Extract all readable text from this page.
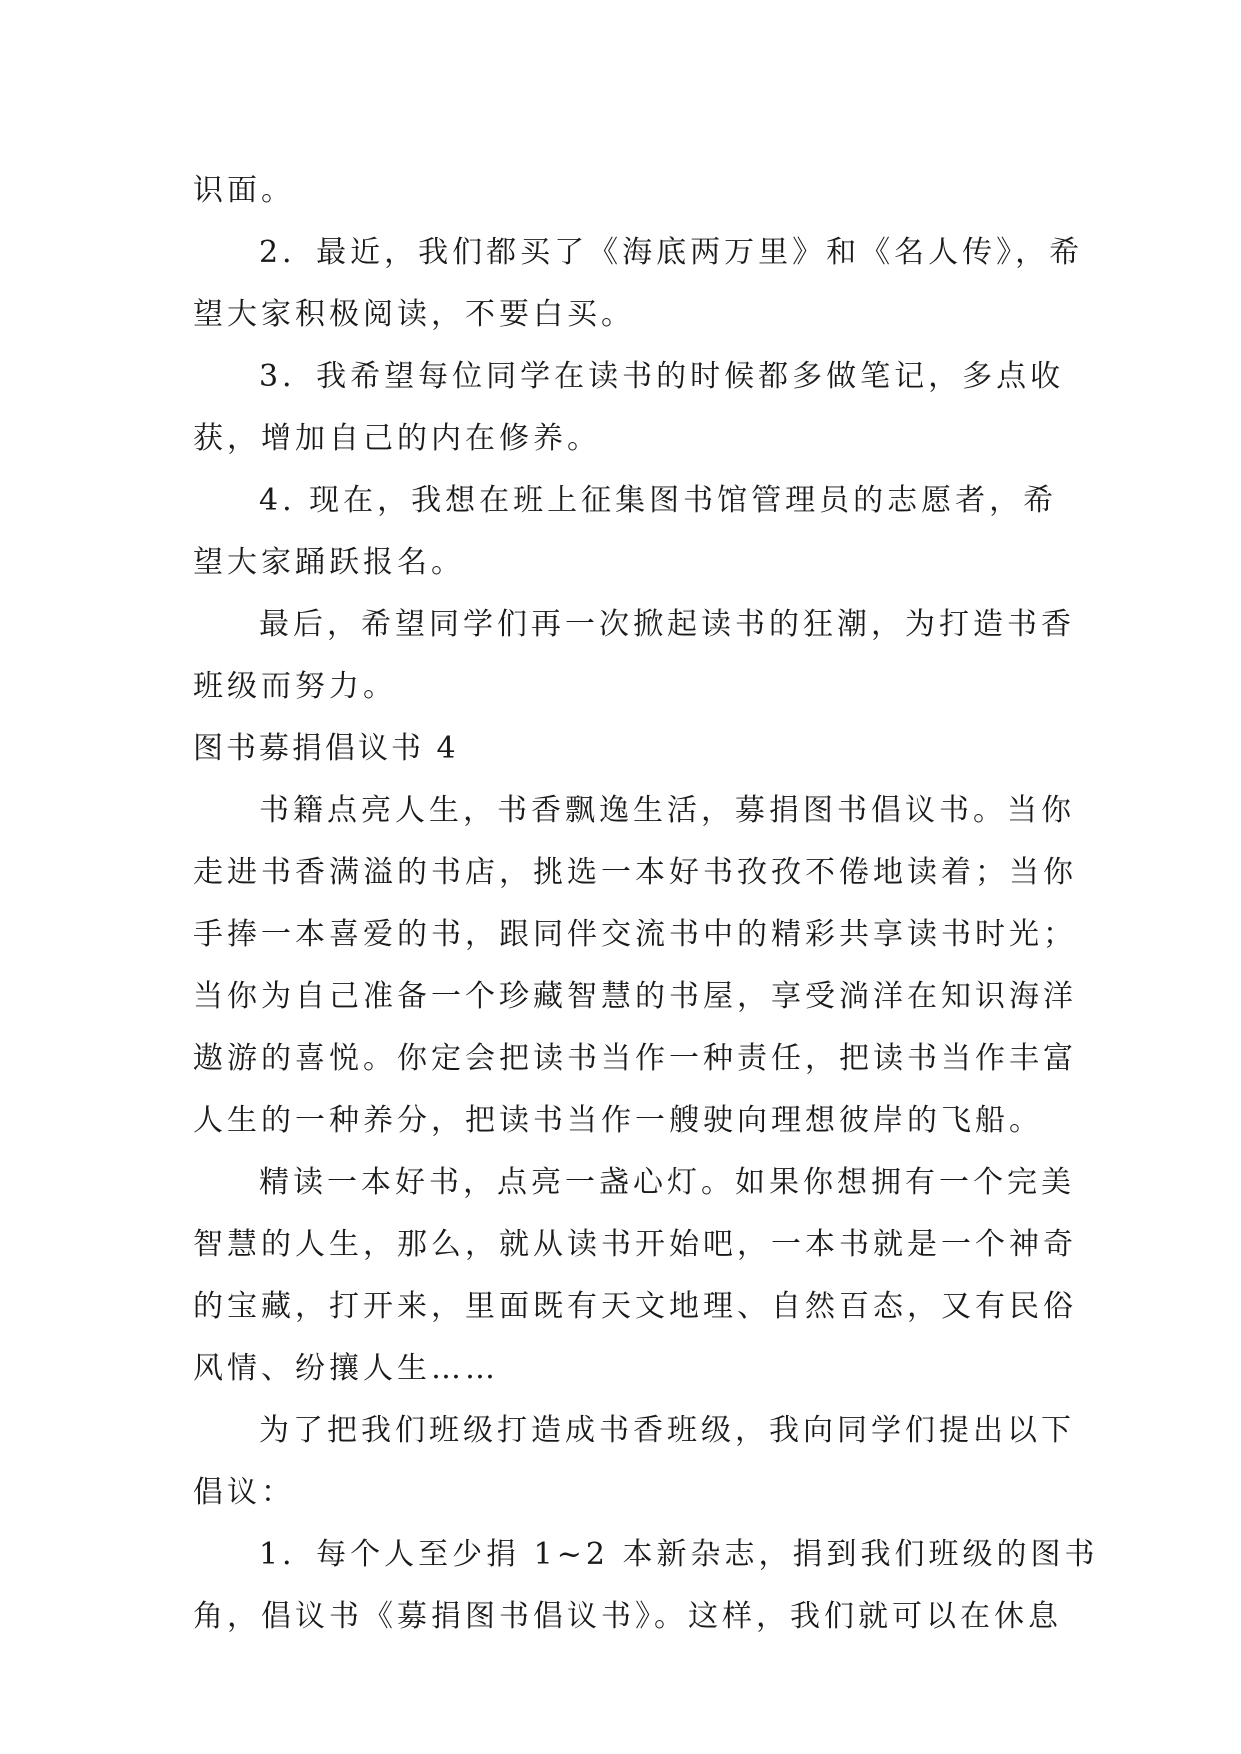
识面。
2．最近，我们都买了《海底两万里》和《名人传》，希
望大家积极阅读，不要白买。
3．我希望每位同学在读书的时候都多做笔记，多点收
获，增加自己的内在修养。
4. 现在，我想在班上征集图书馆管理员的志愿者，希
望大家踊跃报名。
最后，希望同学们再一次掀起读书的狂潮，为打造书香
班级而努力。
图书募捐倡议书 4
书籍点亮人生，书香飘逸生活，募捐图书倡议书。当你
走进书香满溢的书店，挑选一本好书孜孜不倦地读着；当你
手捧一本喜爱的书，跟同伴交流书中的精彩共享读书时光；
当你为自己准备一个珍藏智慧的书屋，享受淌洋在知识海洋
遨游的喜悦。你定会把读书当作一种责任，把读书当作丰富
人生的一种养分，把读书当作一艘驶向理想彼岸的飞船。
精读一本好书，点亮一盏心灯。如果你想拥有一个完美
智慧的人生，那么，就从读书开始吧，一本书就是一个神奇
的宝藏，打开来，里面既有天文地理、自然百态，又有民俗
风情、纷攘人生……
为了把我们班级打造成书香班级，我向同学们提出以下
倡议：
1．每个人至少捐 1~2 本新杂志，捐到我们班级的图书
角，倡议书《募捐图书倡议书》。这样，我们就可以在休息
